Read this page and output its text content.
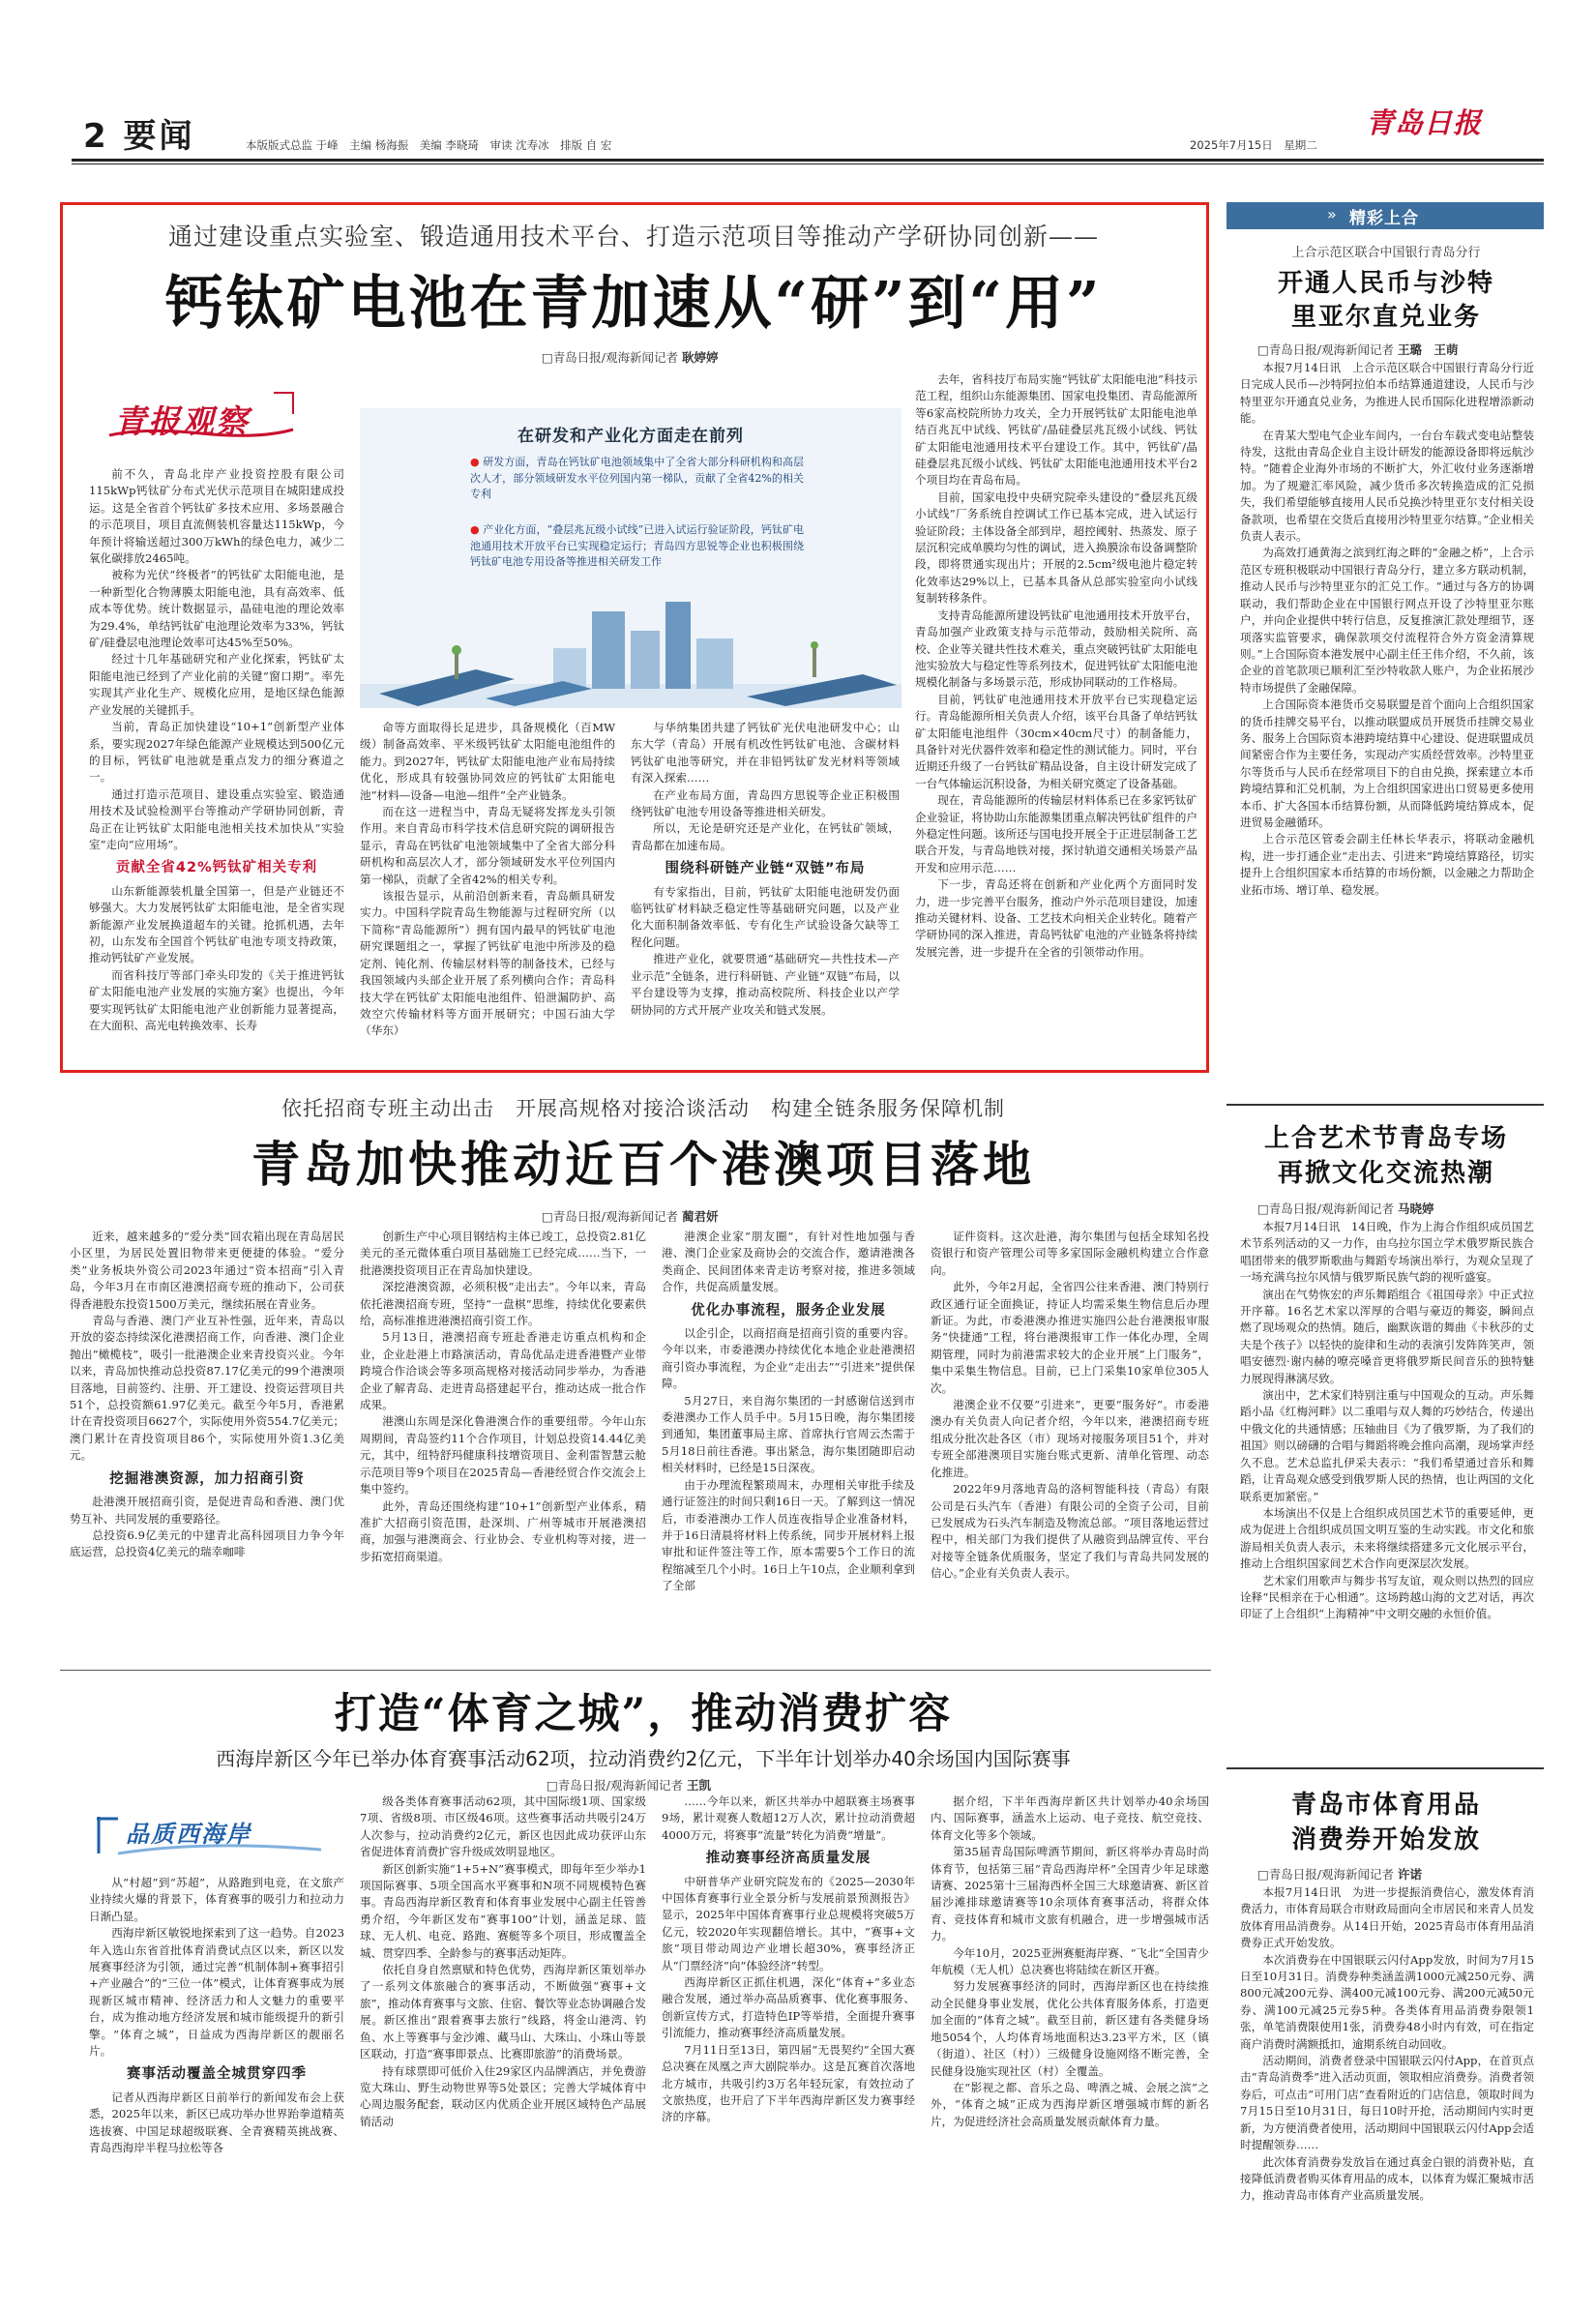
2 要闻	本版版式总监 于峰　主编 杨海振　美编 李晓琦　审读 沈寿冰　排版 自 宏	2025年7月15日　星期二
青岛日报
通过建设重点实验室、锻造通用技术平台、打造示范项目等推动产学研协同创新——
钙钛矿电池在青加速从“研”到“用”
□青岛日报/观海新闻记者 耿婷婷
青报观察

前不久，青岛北岸产业投资控股有限公司115kWp钙钛矿分布式光伏示范项目在城阳建成投运。这是全省首个钙钛矿多技术应用、多场景融合的示范项目，项目直流侧装机容量达115kWp，今年预计将输送超过300万kWh的绿色电力，减少二氧化碳排放2465吨。

被称为光伏“终极者”的钙钛矿太阳能电池，是一种新型化合物薄膜太阳能电池，具有高效率、低成本等优势。统计数据显示，晶硅电池的理论效率为29.4%，单结钙钛矿电池理论效率为33%，钙钛矿/硅叠层电池理论效率可达45%至50%。

经过十几年基础研究和产业化探索，钙钛矿太阳能电池已经到了产业化前的关键“窗口期”。率先实现其产业化生产、规模化应用，是地区绿色能源产业发展的关键抓手。

当前，青岛正加快建设“10+1”创新型产业体系，要实现2027年绿色能源产业规模达到500亿元的目标，钙钛矿电池就是重点发力的细分赛道之一。

通过打造示范项目、建设重点实验室、锻造通用技术及试验检测平台等推动产学研协同创新，青岛正在让钙钛矿太阳能电池相关技术加快从“实验室”走向“应用场”。

贡献全省42%钙钛矿相关专利

山东新能源装机量全国第一，但是产业链还不够强大。大力发展钙钛矿太阳能电池，是全省实现新能源产业发展换道超车的关键。抢抓机遇，去年初，山东发布全国首个钙钛矿电池专项支持政策，推动钙钛矿产业发展。

而省科技厅等部门牵头印发的《关于推进钙钛矿太阳能电池产业发展的实施方案》也提出，今年要实现钙钛矿太阳能电池产业创新能力显著提高，在大面积、高光电转换效率、长寿

在研发和产业化方面走在前列
● 研发方面，青岛在钙钛矿电池领域集中了全省大部分科研机构和高层次人才，部分领域研发水平位列国内第一梯队，贡献了全省42%的相关专利
● 产业化方面，“叠层兆瓦级小试线”已进入试运行验证阶段，钙钛矿电池通用技术开放平台已实现稳定运行；青岛四方思锐等企业也积极围绕钙钛矿电池专用设备等推进相关研发工作

命等方面取得长足进步，具备规模化（百MW级）制备高效率、平米级钙钛矿太阳能电池组件的能力。到2027年，钙钛矿太阳能电池产业布局持续优化，形成具有较强协同效应的钙钛矿太阳能电池“材料—设备—电池—组件”全产业链条。

而在这一进程当中，青岛无疑将发挥龙头引领作用。来自青岛市科学技术信息研究院的调研报告显示，青岛在钙钛矿电池领域集中了全省大部分科研机构和高层次人才，部分领域研发水平位列国内第一梯队，贡献了全省42%的相关专利。

该报告显示，从前沿创新来看，青岛颇具研发实力。中国科学院青岛生物能源与过程研究所（以下简称“青岛能源所”）拥有国内最早的钙钛矿电池研究课题组之一，掌握了钙钛矿电池中所涉及的稳定剂、钝化剂、传输层材料等的制备技术，已经与我国领域内头部企业开展了系列横向合作；青岛科技大学在钙钛矿太阳能电池组件、铅泄漏防护、高效空穴传输材料等方面开展研究；中国石油大学（华东）

与华纳集团共建了钙钛矿光伏电池研发中心；山东大学（青岛）开展有机改性钙钛矿电池、含碳材料钙钛矿电池等研究，并在非铅钙钛矿发光材料等领域有深入探索……

在产业布局方面，青岛四方思锐等企业正积极围绕钙钛矿电池专用设备等推进相关研发。

所以，无论是研究还是产业化，在钙钛矿领域，青岛都在加速布局。

围绕科研链产业链“双链”布局

有专家指出，目前，钙钛矿太阳能电池研发仍面临钙钛矿材料缺乏稳定性等基础研究问题，以及产业化大面积制备效率低、专有化生产试验设备欠缺等工程化问题。

推进产业化，就要贯通“基础研究—共性技术—产业示范”全链条，进行科研链、产业链“双链”布局，以平台建设等为支撑，推动高校院所、科技企业以产学研协同的方式开展产业攻关和链式发展。

去年，省科技厅布局实施“钙钛矿太阳能电池”科技示范工程，组织山东能源集团、国家电投集团、青岛能源所等6家高校院所协力攻关，全力开展钙钛矿太阳能电池单结百兆瓦中试线、钙钛矿/晶硅叠层兆瓦级小试线、钙钛矿太阳能电池通用技术平台建设工作。其中，钙钛矿/晶硅叠层兆瓦级小试线、钙钛矿太阳能电池通用技术平台2个项目均在青岛布局。

目前，国家电投中央研究院牵头建设的“叠层兆瓦级小试线”厂务系统自控调试工作已基本完成，进入试运行验证阶段；主体设备全部到岸，超控阈射、热蒸发、原子层沉积完成单膜均匀性的调试，进入换膜涂布设备调整阶段，即将贯通实现出片；开展的2.5cm²级电池片稳定转化效率达29%以上，已基本具备从总部实验室向小试线复制转移条件。

支持青岛能源所建设钙钛矿电池通用技术开放平台，青岛加强产业政策支持与示范带动，鼓励相关院所、高校、企业等关键共性技术难关，重点突破钙钛矿太阳能电池实验放大与稳定性等系列技术，促进钙钛矿太阳能电池规模化制备与多场景示范，形成协同联动的工作格局。

目前，钙钛矿电池通用技术开放平台已实现稳定运行。青岛能源所相关负责人介绍，该平台具备了单结钙钛矿太阳能电池组件（30cm×40cm尺寸）的制备能力，具备针对光伏器件效率和稳定性的测试能力。同时，平台近期还升级了一台钙钛矿精品设备，自主设计研发完成了一台气体输运沉积设备，为相关研究奠定了设备基础。

现在，青岛能源所的传输层材料体系已在多家钙钛矿企业验证，将协助山东能源集团重点解决钙钛矿组件的户外稳定性问题。该所还与国电投开展全于正进层制备工艺联合开发，与青岛地铁对接，探讨轨道交通相关场景产品开发和应用示范……

下一步，青岛还将在创新和产业化两个方面同时发力，进一步完善平台服务，推动户外示范项目建设，加速推动关键材料、设备、工艺技术向相关企业转化。随着产学研协同的深入推进，青岛钙钛矿电池的产业链条将持续发展完善，进一步提升在全省的引领带动作用。

» 精彩上合
上合示范区联合中国银行青岛分行
开通人民币与沙特
里亚尔直兑业务
□青岛日报/观海新闻记者 王璐　王萌

本报7月14日讯　上合示范区联合中国银行青岛分行近日完成人民币—沙特阿拉伯本币结算通道建设，人民币与沙特里亚尔开通直兑业务，为推进人民币国际化进程增添新动能。

在青某大型电气企业车间内，一台台车载式变电站整装待发，这批由青岛企业自主设计研发的能源设备即将远航沙特。“随着企业海外市场的不断扩大，外汇收付业务逐渐增加。为了规避汇率风险，减少货币多次转换造成的汇兑损失，我们希望能够直接用人民币兑换沙特里亚尔支付相关设备款项，也希望在交货后直接用沙特里亚尔结算。”企业相关负责人表示。

为高效打通黄海之滨到红海之畔的“金融之桥”，上合示范区专班积极联动中国银行青岛分行，建立多方联动机制，推动人民币与沙特里亚尔的汇兑工作。“通过与各方的协调联动，我们帮助企业在中国银行网点开设了沙特里亚尔账户，并向企业提供中转行信息，反复推演汇款处理细节，逐项落实监管要求，确保款项交付流程符合外方资金清算规则。”上合国际资本港发展中心副主任王伟介绍，不久前，该企业的首笔款项已顺利汇至沙特收款人账户，为企业拓展沙特市场提供了金融保障。

上合国际资本港货币交易联盟是首个面向上合组织国家的货币挂牌交易平台，以推动联盟成员开展货币挂牌交易业务、服务上合国际资本港跨境结算中心建设、促进联盟成员间紧密合作为主要任务，实现动产实质经营效率。沙特里亚尔等货币与人民币在经常项目下的自由兑换，探索建立本币跨境结算和汇兑机制，为上合组织国家进出口贸易更多使用本币、扩大各国本币结算份额，从而降低跨境结算成本，促进贸易金融循环。

上合示范区管委会副主任林长华表示，将联动金融机构，进一步打通企业“走出去、引进来”跨境结算路径，切实提升上合组织国家本币结算的市场份额，以金融之力帮助企业拓市场、增订单、稳发展。

上合艺术节青岛专场
再掀文化交流热潮
□青岛日报/观海新闻记者 马晓婷

本报7月14日讯　14日晚，作为上海合作组织成员国艺术节系列活动的又一力作，由乌拉尔国立学术俄罗斯民族合唱团带来的俄罗斯歌曲与舞蹈专场演出举行，为观众呈现了一场充满乌拉尔风情与俄罗斯民族气韵的视听盛宴。

演出在气势恢宏的声乐舞蹈组合《祖国母亲》中正式拉开序幕。16名艺术家以浑厚的合唱与豪迈的舞姿，瞬间点燃了现场观众的热情。随后，幽默诙谐的舞曲《卡秋莎的丈夫是个孩子》以轻快的旋律和生动的表演引发阵阵笑声，领唱安德烈·谢内赫的嘹亮嗓音更将俄罗斯民间音乐的独特魅力展现得淋漓尽致。

演出中，艺术家们特别注重与中国观众的互动。声乐舞蹈小品《红梅河畔》以二重唱与双人舞的巧妙结合，传递出中俄文化的共通情感；压轴曲目《为了俄罗斯，为了我们的祖国》则以磅礴的合唱与舞蹈将晚会推向高潮，现场掌声经久不息。艺术总监扎伊采夫表示：“我们希望通过音乐和舞蹈，让青岛观众感受到俄罗斯人民的热情，也让两国的文化联系更加紧密。”

本场演出不仅是上合组织成员国艺术节的重要延伸，更成为促进上合组织成员国文明互鉴的生动实践。市文化和旅游局相关负责人表示，未来将继续搭建多元文化展示平台，推动上合组织国家间艺术合作向更深层次发展。

艺术家们用歌声与舞步书写友谊，观众则以热烈的回应诠释“民相亲在于心相通”。这场跨越山海的文艺对话，再次印证了上合组织“上海精神”中文明交融的永恒价值。

青岛市体育用品
消费券开始发放
□青岛日报/观海新闻记者 许诺

本报7月14日讯　为进一步提振消费信心，激发体育消费活力，市体育局联合市财政局面向全市居民和来青人员发放体育用品消费券。从14日开始，2025青岛市体育用品消费券正式开始发放。

本次消费券在中国银联云闪付App发放，时间为7月15日至10月31日。消费券种类涵盖满1000元减250元券、满800元减200元券、满400元减100元券、满200元减50元券、满100元减25元券5种。各类体育用品消费券限领1张，单笔消费限使用1张，消费券48小时内有效，可在指定商户消费时满额抵扣，逾期系统自动回收。

活动期间，消费者登录中国银联云闪付App，在首页点击“青岛消费季”进入活动页面，领取相应消费券。消费者领券后，可点击“可用门店”查看附近的门店信息，领取时间为7月15日至10月31日，每日10时开抢，活动期间内实时更新，为方便消费者使用，活动期间中国银联云闪付App会适时提醒领券……

此次体育消费券发放旨在通过真金白银的消费补贴，直接降低消费者购买体育用品的成本，以体育为媒汇聚城市活力，推动青岛市体育产业高质量发展。

依托招商专班主动出击　开展高规格对接洽谈活动　构建全链条服务保障机制
青岛加快推动近百个港澳项目落地
□青岛日报/观海新闻记者 蔺君妍

近来，越来越多的“爱分类”回农箱出现在青岛居民小区里，为居民处置旧物带来更便捷的体验。“爱分类”业务板块外资公司2023年通过“资本招商”引入青岛，今年3月在市南区港澳招商专班的推动下，公司获得香港股东投资1500万美元，继续拓展在青业务。

青岛与香港、澳门产业互补性强，近年来，青岛以开放的姿态持续深化港澳招商工作，向香港、澳门企业抛出“橄榄枝”，吸引一批港澳企业来青投资兴业。今年以来，青岛加快推动总投资87.17亿美元的99个港澳项目落地，目前签约、注册、开工建设、投资运营项目共51个，总投资额61.97亿美元。截至今年5月，香港累计在青投资项目6627个，实际使用外资554.7亿美元；澳门累计在青投资项目86个，实际使用外资1.3亿美元。

挖掘港澳资源，加力招商引资

赴港澳开展招商引资，是促进青岛和香港、澳门优势互补、共同发展的重要路径。

总投资6.9亿美元的中建青北高科园项目力争今年底运营，总投资4亿美元的瑞幸咖啡

创新生产中心项目钢结构主体已竣工，总投资2.81亿美元的圣元微体重白项目基础施工已经完成……当下，一批港澳投资项目正在青岛加快建设。

深挖港澳资源，必须积极“走出去”。今年以来，青岛依托港澳招商专班，坚持“一盘棋”思维，持续优化要素供给，高标准推进港澳招商引资工作。

5月13日，港澳招商专班赴香港走访重点机构和企业，企业赴港上市路演活动，青岛优品走进香港暨产业带跨境合作洽谈会等多项高规格对接活动同步举办，为香港企业了解青岛、走进青岛搭建起平台，推动达成一批合作成果。

港澳山东周是深化鲁港澳合作的重要纽带。今年山东周期间，青岛签约11个合作项目，计划总投资14.44亿美元，其中，纽特舒玛健康科技增资项目、金利雷智慧云舱示范项目等9个项目在2025青岛—香港经贸合作交流会上集中签约。

此外，青岛还围绕构建“10+1”创新型产业体系，精准扩大招商引资范围，赴深圳、广州等城市开展港澳招商，加强与港澳商会、行业协会、专业机构等对接，进一步拓宽招商渠道。

港澳企业家“朋友圈”，有针对性地加强与香港、澳门企业家及商协会的交流合作，邀请港澳各类商企、民间团体来青走访考察对接，推进多领域合作，共促高质量发展。

优化办事流程，服务企业发展

以企引企，以商招商是招商引资的重要内容。今年以来，市委港澳办持续优化本地企业赴港澳招商引资办事流程，为企业“走出去”“引进来”提供保障。

5月27日，来自海尔集团的一封感谢信送到市委港澳办工作人员手中。5月15日晚，海尔集团接到通知，集团董事局主席、首席执行官周云杰需于5月18日前往香港。事出紧急，海尔集团随即启动相关材料时，已经是15日深夜。

由于办理流程繁琐周末，办理相关审批手续及通行证签注的时间只剩16日一天。了解到这一情况后，市委港澳办工作人员连夜指导企业准备材料，并于16日清晨将材料上传系统，同步开展材料上报审批和证件签注等工作，原本需要5个工作日的流程缩减至几个小时。16日上午10点，企业顺利拿到了全部

证件资料。这次赴港，海尔集团与包括全球知名投资银行和资产管理公司等多家国际金融机构建立合作意向。

此外，今年2月起，全省四公往来香港、澳门特别行政区通行证全面换证，持证人均需采集生物信息后办理新证。为此，市委港澳办推进实施四公赴台港澳报审服务“快捷通”工程，将台港澳报审工作一体化办理，全周期管理，同时为前港需求较大的企业开展“上门服务”，集中采集生物信息。目前，已上门采集10家单位305人次。

港澳企业不仅要“引进来”，更要“服务好”。市委港澳办有关负责人向记者介绍，今年以来，港澳招商专班组成分批次赴各区（市）现场对接服务项目51个，并对专班全部港澳项目实施台账式更新、清单化管理、动态化推进。

2022年9月落地青岛的洛柯智能科技（青岛）有限公司是石头汽车（香港）有限公司的全资子公司，目前已发展成为石头汽车制造及物流总部。“项目落地运营过程中，相关部门为我们提供了从融资到品牌宣传、平台对接等全链条优质服务，坚定了我们与青岛共同发展的信心。”企业有关负责人表示。

打造“体育之城”，推动消费扩容
西海岸新区今年已举办体育赛事活动62项，拉动消费约2亿元，下半年计划举办40余场国内国际赛事
□青岛日报/观海新闻记者 王凯
品质西海岸

从“村超”到“苏超”，从路跑到电竞，在文旅产业持续火爆的背景下，体育赛事的吸引力和拉动力日渐凸显。

西海岸新区敏锐地探索到了这一趋势。自2023年入选山东省首批体育消费试点区以来，新区以发展赛事经济为引领，通过完善“机制体制+赛事招引+产业融合”的“三位一体”模式，让体育赛事成为展现新区城市精神、经济活力和人文魅力的重要平台，成为推动地方经济发展和城市能级提升的新引擎。“体育之城”，日益成为西海岸新区的靓丽名片。

赛事活动覆盖全城贯穿四季

记者从西海岸新区日前举行的新闻发布会上获悉，2025年以来，新区已成功举办世界跆拳道精英选拔赛、中国足球超级联赛、全青赛精英挑战赛、青岛西海岸半程马拉松等各

级各类体育赛事活动62项，其中国际级1项、国家级7项、省级8项、市区级46项。这些赛事活动共吸引24万人次参与，拉动消费约2亿元，新区也因此成功获评山东省促进体育消费扩容升级成效明显地区。

新区创新实施“1+5+N”赛事模式，即每年至少举办1项国际赛事、5项全国高水平赛事和N项不同规模特色赛事。青岛西海岸新区教育和体育事业发展中心副主任管善勇介绍，今年新区发布“赛事100”计划，涵盖足球、篮球、无人机、电竞、路跑、赛艇等多个项目，形成覆盖全城、贯穿四季、全龄参与的赛事活动矩阵。

依托自身自然禀赋和特色优势，西海岸新区策划举办了一系列文体旅融合的赛事活动，不断做强“赛事+文旅”，推动体育赛事与文旅、住宿、餐饮等业态协调融合发展。新区推出“跟着赛事去旅行”线路，将金山港湾、钓鱼、水上等赛事与金沙滩、藏马山、大珠山、小珠山等景区联动，打造“赛事即景点、比赛即旅游”的消费场景。

持有球票即可低价入住29家区内品牌酒店，并免费游览大珠山、野生动物世界等5处景区；完善大学城体育中心周边服务配套，联动区内优质企业开展区域特色产品展销活动

……今年以来，新区共举办中超联赛主场赛事9场，累计观赛人数超12万人次，累计拉动消费超4000万元，将赛事“流量”转化为消费“增量”。

推动赛事经济高质量发展

中研普华产业研究院发布的《2025—2030年中国体育赛事行业全景分析与发展前景预测报告》显示，2025年中国体育赛事行业总规模将突破5万亿元，较2020年实现翻倍增长。其中，“赛事+文旅”项目带动周边产业增长超30%，赛事经济正从“门票经济”向“体验经济”转型。

西海岸新区正抓住机遇，深化“体育+”多业态融合发展，通过举办高品质赛事、优化赛事服务、创新宣传方式，打造特色IP等举措，全面提升赛事引流能力，推动赛事经济高质量发展。

7月11日至13日，第四届“无畏契约”全国大赛总决赛在凤凰之声大剧院举办。这是瓦赛首次落地北方城市，共吸引约3万名年轻玩家，有效拉动了文旅热度，也开启了下半年西海岸新区发力赛事经济的序幕。

据介绍，下半年西海岸新区共计划举办40余场国内、国际赛事，涵盖水上运动、电子竞技、航空竞技、体育文化等多个领域。

第35届青岛国际啤酒节期间，新区将举办青岛时尚体育节，包括第三届“青岛西海岸杯”全国青少年足球邀请赛、2025第十三届海西杯全国三大球邀请赛、新区首届沙滩排球邀请赛等10余项体育赛事活动，将群众体育、竞技体育和城市文旅有机融合，进一步增强城市活力。

今年10月，2025亚洲赛艇海岸赛、“飞北”全国青少年航模（无人机）总决赛也将陆续在新区开赛。

努力发展赛事经济的同时，西海岸新区也在持续推动全民健身事业发展，优化公共体育服务体系，打造更加全面的“体育之城”。截至目前，新区建有各类健身场地5054个，人均体育场地面积达3.23平方米，区（镇（街道）、社区（村））三级健身设施网络不断完善，全民健身设施实现社区（村）全覆盖。

在“影视之都、音乐之岛、啤酒之城、会展之滨”之外，“体育之城”正成为西海岸新区增强城市辉的新名片，为促进经济社会高质量发展贡献体育力量。
